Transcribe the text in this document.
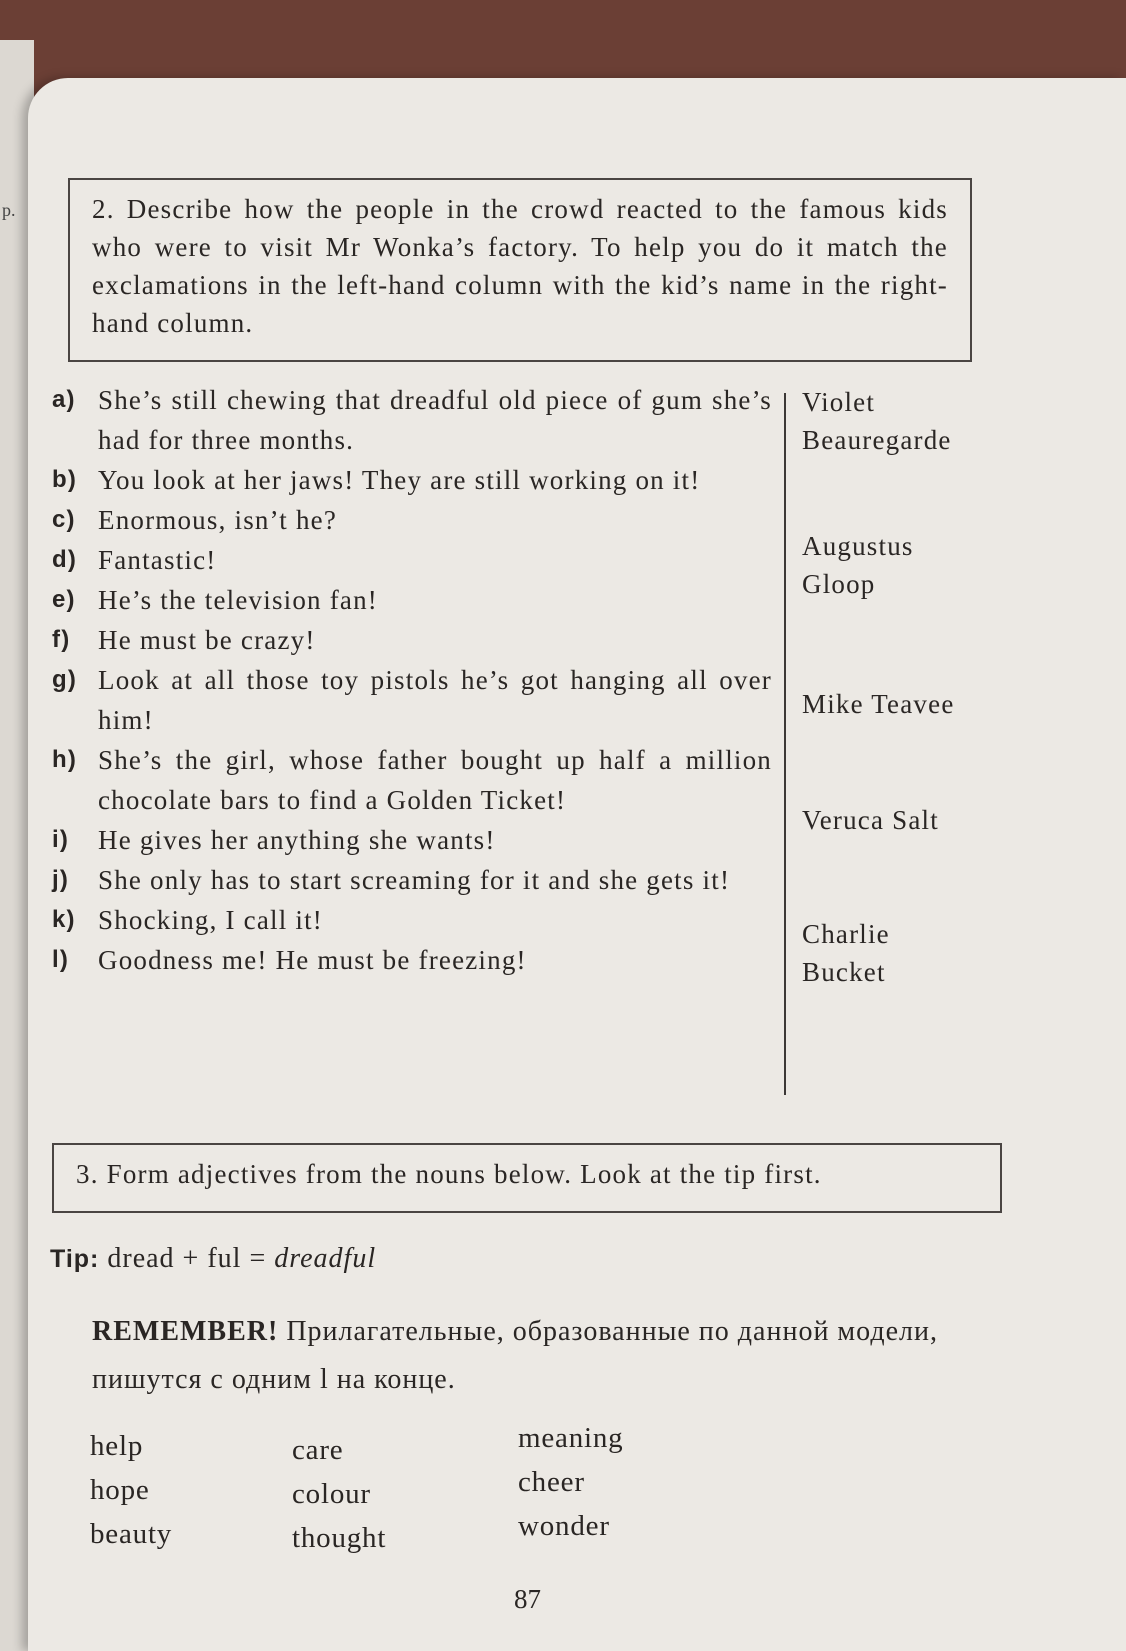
р.	2. Describe how the people in the crowd reacted to the famous kids who were to visit Mr Wonka’s factory. To help you do it match the exclamations in the left-hand column with the kid’s name in the right-hand column.
a) She’s still chewing that dreadful old piece of gum she’s had for three months.
b) You look at her jaws! They are still working on it!
c) Enormous, isn’t he?
d) Fantastic!
e) He’s the television fan!
f)	He must be crazy!
g) Look at all those toy pistols he’s got hanging all over him!
h) She’s the girl, whose father bought up half a million chocolate bars to find a Golden Ticket!
i)	He gives her anything she wants!
j)	She only has to start screaming for it and she gets it!
k) Shocking, I call it!
l)	Goodness me! He must be freezing!
Violet
Beauregarde
Augustus
Gloop
Mike Teavee
Veruca Salt
Charlie
Bucket
3. Form adjectives from the nouns below. Look at the tip first.
Tip: dread + ful = dreadful
REMEMBER! Прилагательные, образованные по данной модели, пишутся с одним l на конце.
help
hope
beauty
care
colour
thought
meaning
cheer
wonder
87
